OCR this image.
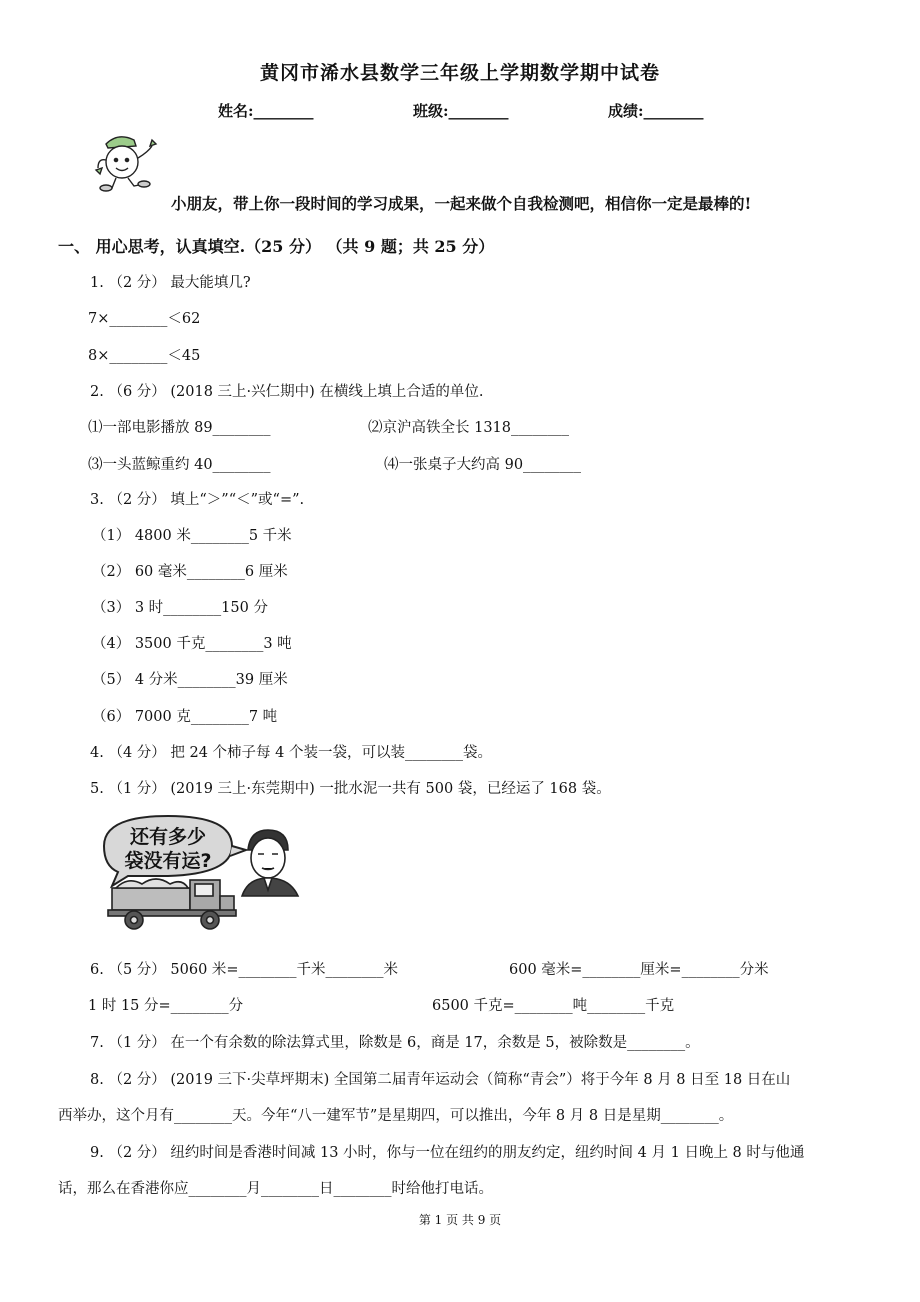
黄冈市浠水县数学三年级上学期数学期中试卷
姓名:________	班级:________	成绩:________
小朋友，带上你一段时间的学习成果，一起来做个自我检测吧，相信你一定是最棒的!
一、 用心思考，认真填空.（25 分） （共 9 题；共 25 分）
1. （2 分） 最大能填几?
7×________＜62
8×________＜45
2. （6 分） (2018 三上·兴仁期中) 在横线上填上合适的单位.
⑴一部电影播放 89________	⑵京沪高铁全长 1318________
⑶一头蓝鲸重约 40________	⑷一张桌子大约高 90________
3. （2 分） 填上“＞”“＜”或“=”.
（1） 4800 米________5 千米
（2） 60 毫米________6 厘米
（3） 3 时________150 分
（4） 3500 千克________3 吨
（5） 4 分米________39 厘米
（6） 7000 克________7 吨
4. （4 分） 把 24 个柿子每 4 个装一袋，可以装________袋。
5. （1 分） (2019 三上·东莞期中) 一批水泥一共有 500 袋，已经运了 168 袋。
还有多少
袋没有运?
6. （5 分） 5060 米=________千米________米	600 毫米=________厘米=________分米
1 时 15 分=________分	6500 千克=________吨________千克
7. （1 分） 在一个有余数的除法算式里，除数是 6，商是 17，余数是 5，被除数是________。
8. （2 分） (2019 三下·尖草坪期末) 全国第二届青年运动会（简称“青会”）将于今年 8 月 8 日至 18 日在山
西举办，这个月有________天。今年“八一建军节”是星期四，可以推出，今年 8 月 8 日是星期________。
9. （2 分） 纽约时间是香港时间减 13 小时，你与一位在纽约的朋友约定，纽约时间 4 月 1 日晚上 8 时与他通
话，那么在香港你应________月________日________时给他打电话。
第 1 页 共 9 页
